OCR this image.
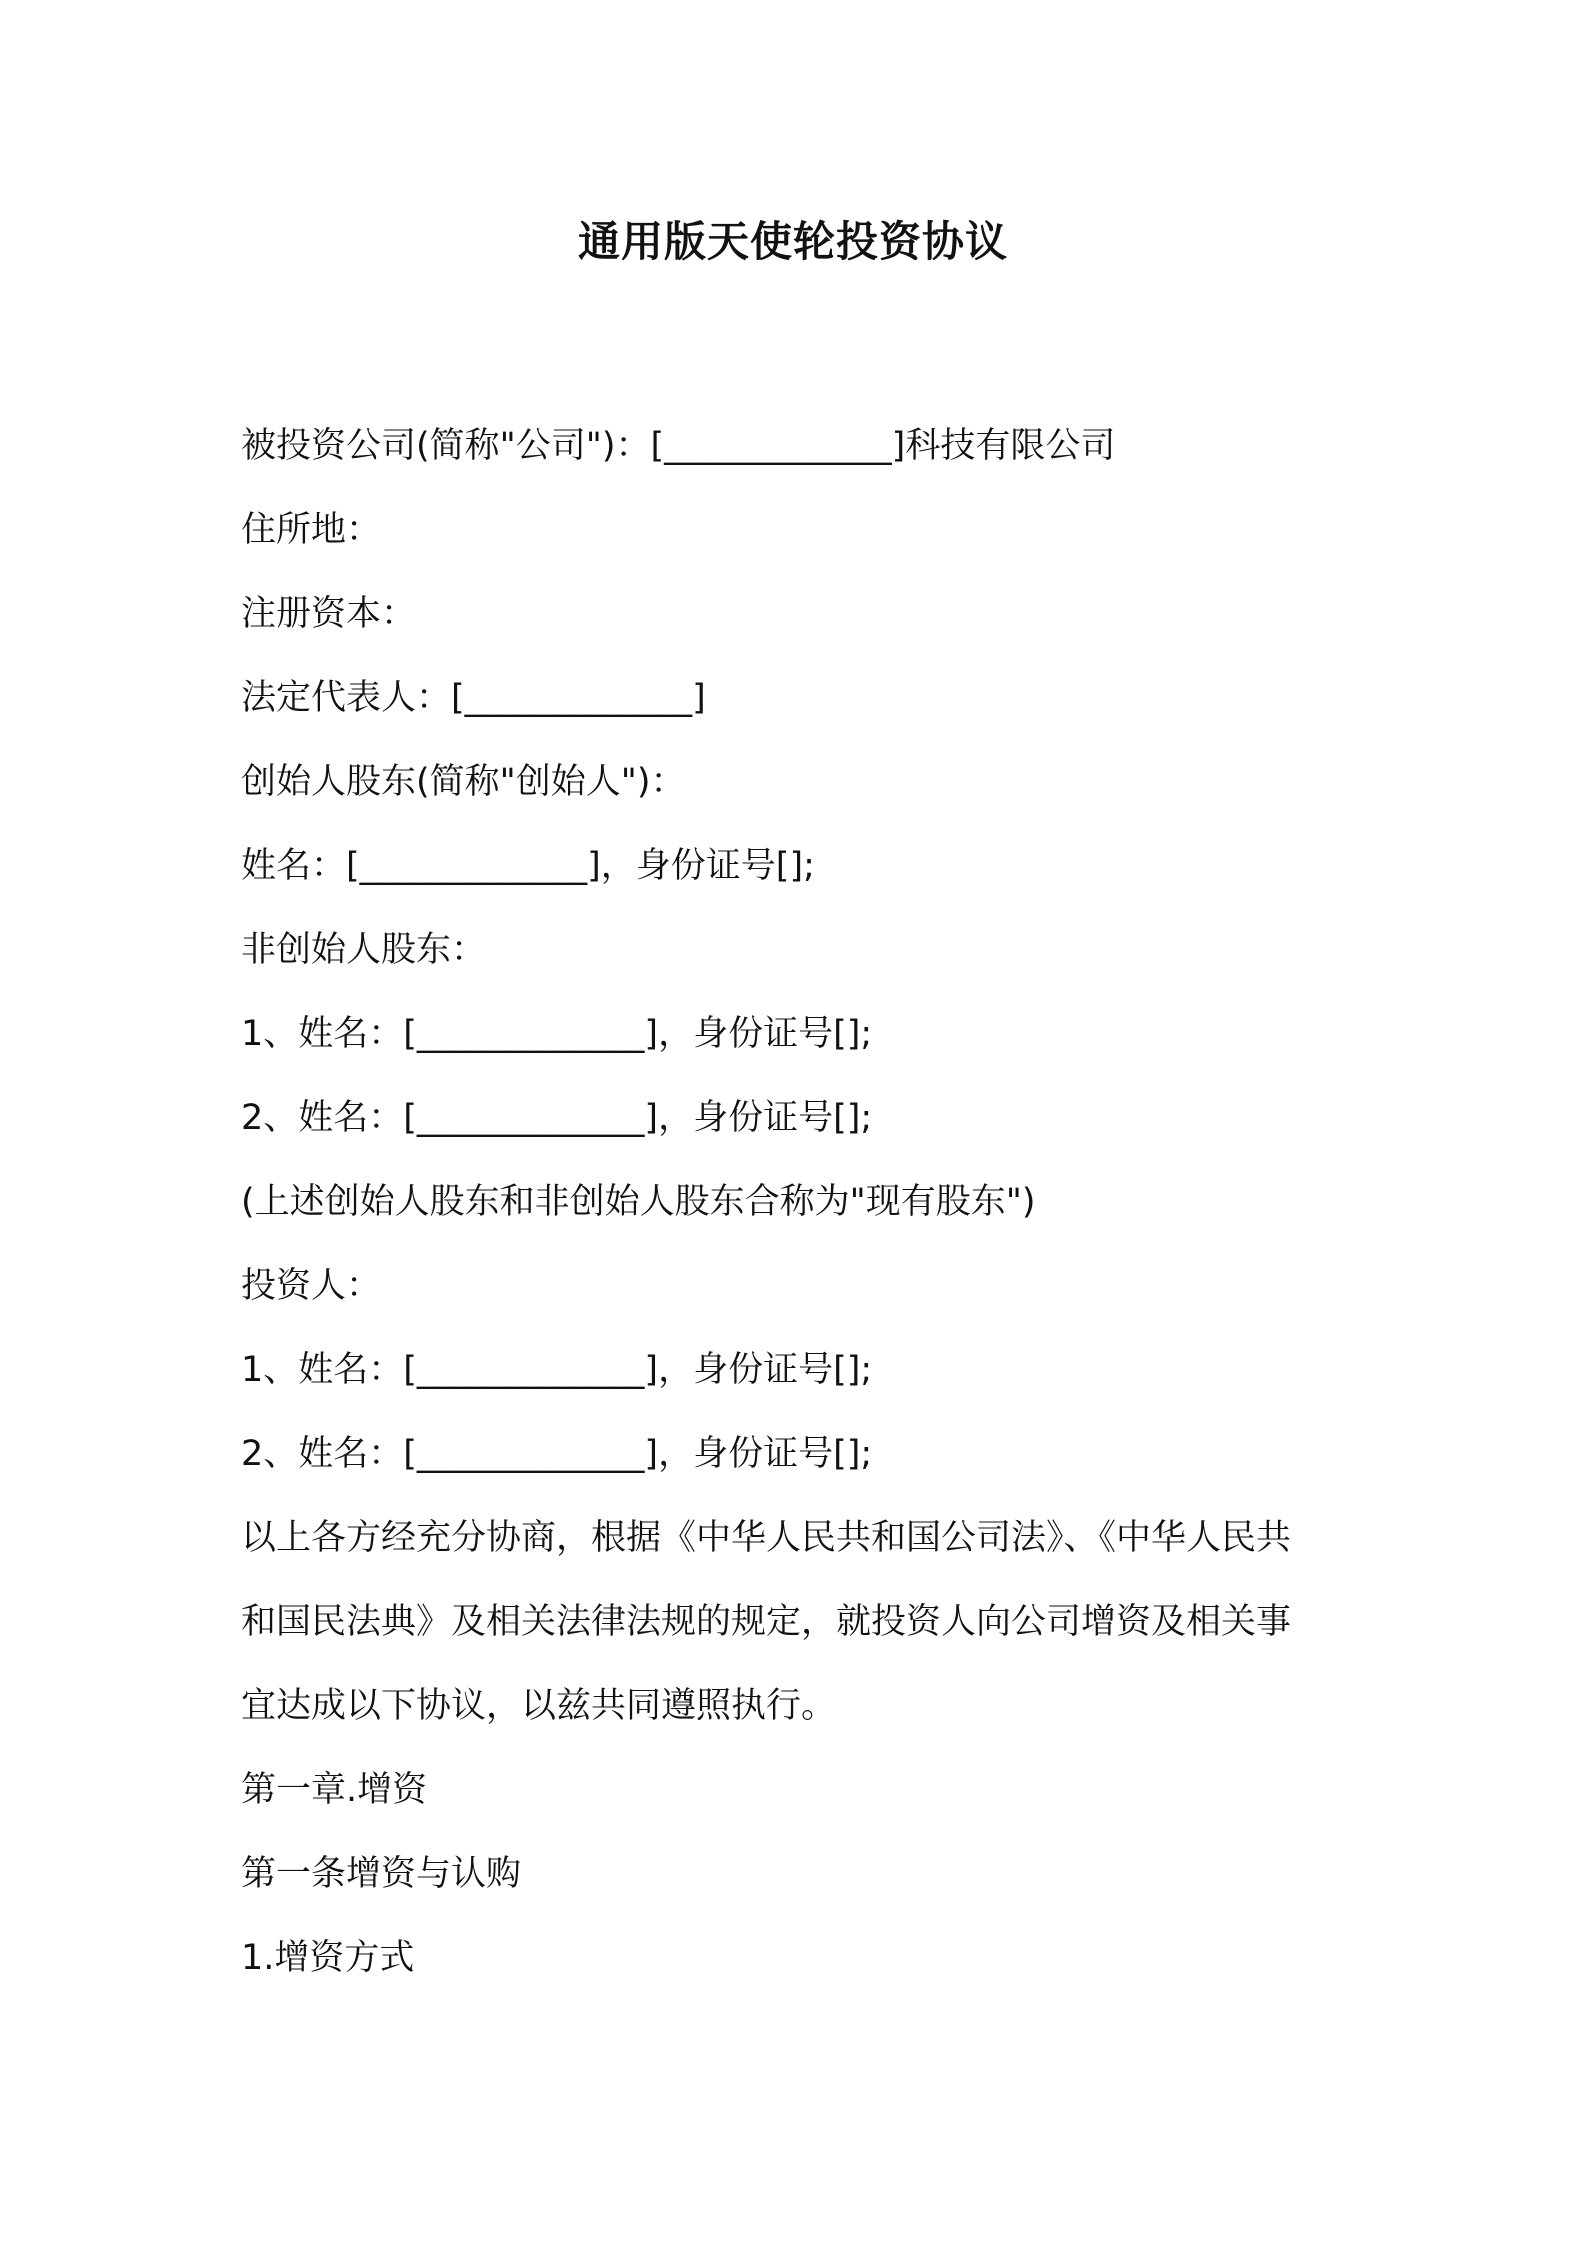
通用版天使轮投资协议
被投资公司(简称"公司")：[_____________]科技有限公司
住所地：
注册资本：
法定代表人：[_____________]
创始人股东(简称"创始人")：
姓名：[_____________]，身份证号[];
非创始人股东：
1、姓名：[_____________]，身份证号[];
2、姓名：[_____________]，身份证号[];
(上述创始人股东和非创始人股东合称为"现有股东")
投资人：
1、姓名：[_____________]，身份证号[];
2、姓名：[_____________]，身份证号[];
以上各方经充分协商，根据《中华人民共和国公司法》、《中华人民共
和国民法典》及相关法律法规的规定，就投资人向公司增资及相关事
宜达成以下协议，以兹共同遵照执行。
第一章.增资
第一条增资与认购
1.增资方式
